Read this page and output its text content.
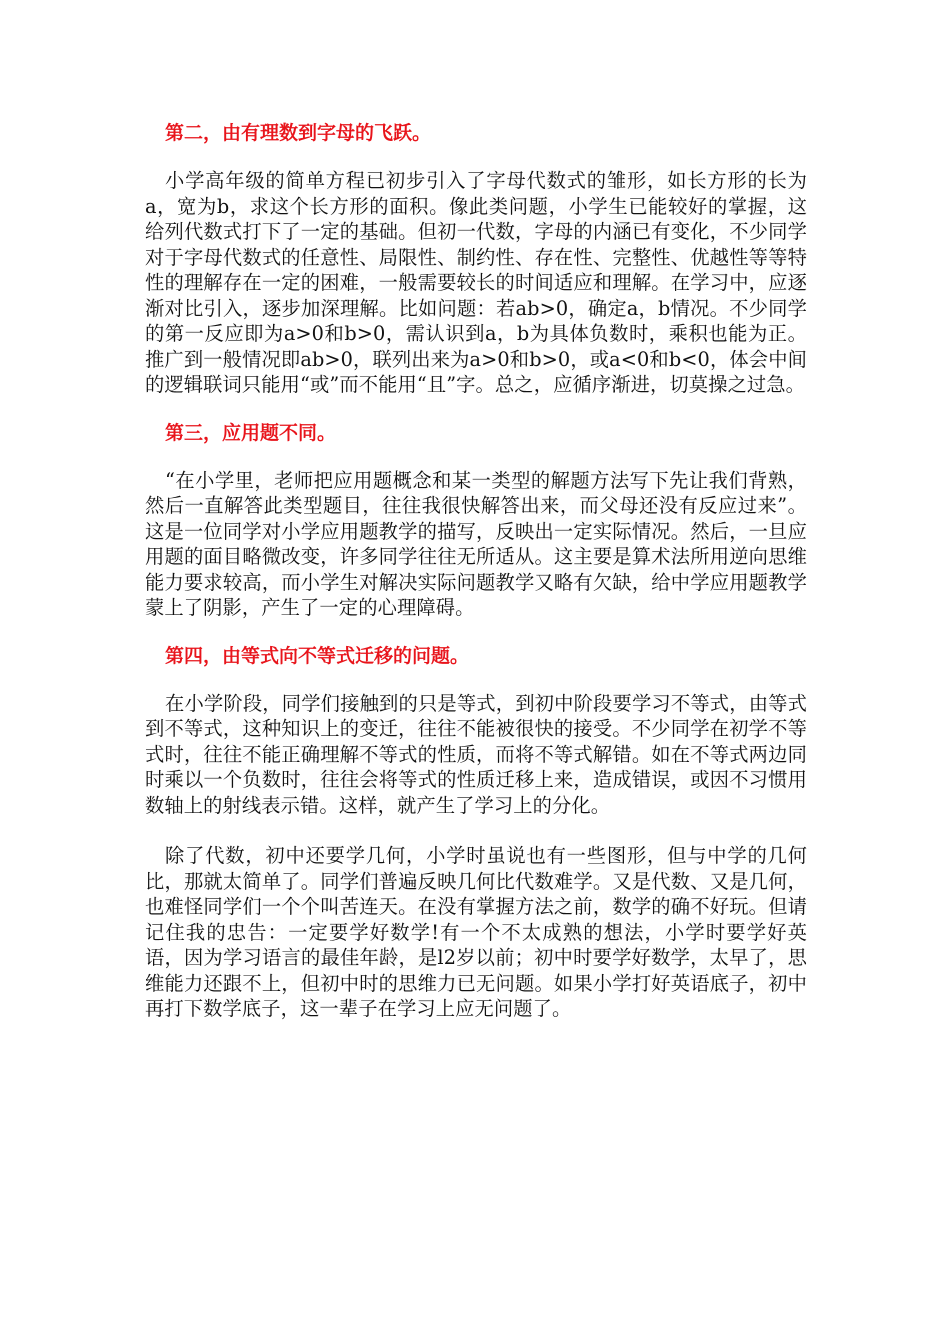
第二，由有理数到字母的飞跃。

小学高年级的简单方程已初步引入了字母代数式的雏形，如长方形的长为a，宽为b，求这个长方形的面积。像此类问题，小学生已能较好的掌握，这给列代数式打下了一定的基础。但初一代数，字母的内涵已有变化，不少同学对于字母代数式的任意性、局限性、制约性、存在性、完整性、优越性等等特性的理解存在一定的困难，一般需要较长的时间适应和理解。在学习中，应逐渐对比引入，逐步加深理解。比如问题：若ab>0，确定a，b情况。不少同学的第一反应即为a>0和b>0，需认识到a，b为具体负数时，乘积也能为正。推广到一般情况即ab>0，联列出来为a>0和b>0，或a<0和b<0，体会中间的逻辑联词只能用“或”而不能用“且”字。总之，应循序渐进，切莫操之过急。

第三，应用题不同。

“在小学里，老师把应用题概念和某一类型的解题方法写下先让我们背熟，然后一直解答此类型题目，往往我很快解答出来，而父母还没有反应过来”。这是一位同学对小学应用题教学的描写，反映出一定实际情况。然后，一旦应用题的面目略微改变，许多同学往往无所适从。这主要是算术法所用逆向思维能力要求较高，而小学生对解决实际问题教学又略有欠缺，给中学应用题教学蒙上了阴影，产生了一定的心理障碍。

第四，由等式向不等式迁移的问题。

在小学阶段，同学们接触到的只是等式，到初中阶段要学习不等式，由等式到不等式，这种知识上的变迁，往往不能被很快的接受。不少同学在初学不等式时，往往不能正确理解不等式的性质，而将不等式解错。如在不等式两边同时乘以一个负数时，往往会将等式的性质迁移上来，造成错误，或因不习惯用数轴上的射线表示错。这样，就产生了学习上的分化。

除了代数，初中还要学几何，小学时虽说也有一些图形，但与中学的几何比，那就太简单了。同学们普遍反映几何比代数难学。又是代数、又是几何，也难怪同学们一个个叫苦连天。在没有掌握方法之前，数学的确不好玩。但请记住我的忠告：一定要学好数学!有一个不太成熟的想法，小学时要学好英语，因为学习语言的最佳年龄，是l2岁以前；初中时要学好数学，太早了，思维能力还跟不上，但初中时的思维力已无问题。如果小学打好英语底子，初中再打下数学底子，这一辈子在学习上应无问题了。
